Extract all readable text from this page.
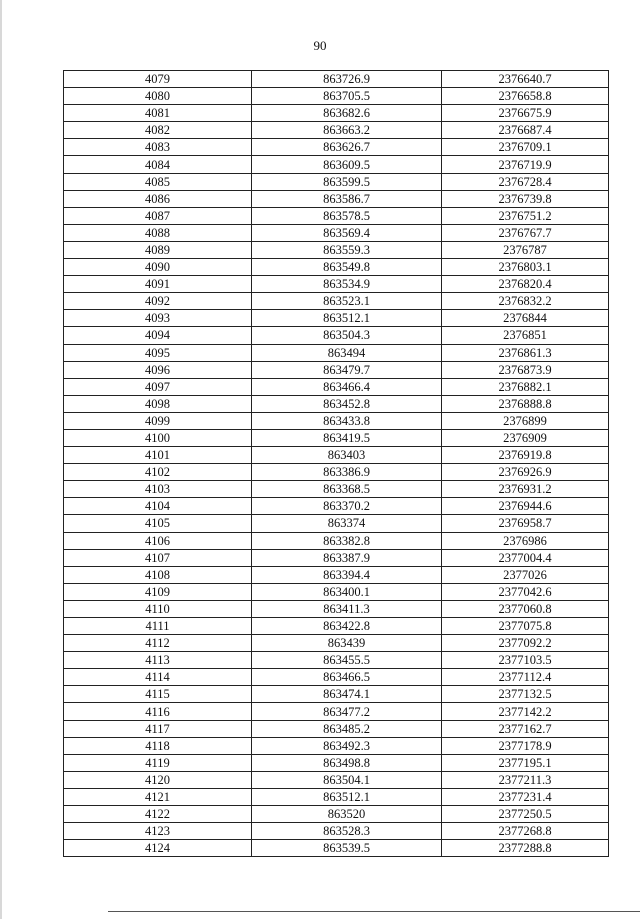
90
4079	863726.9	2376640.7
4080	863705.5	2376658.8
4081	863682.6	2376675.9
4082	863663.2	2376687.4
4083	863626.7	2376709.1
4084	863609.5	2376719.9
4085	863599.5	2376728.4
4086	863586.7	2376739.8
4087	863578.5	2376751.2
4088	863569.4	2376767.7
4089	863559.3	2376787
4090	863549.8	2376803.1
4091	863534.9	2376820.4
4092	863523.1	2376832.2
4093	863512.1	2376844
4094	863504.3	2376851
4095	863494	2376861.3
4096	863479.7	2376873.9
4097	863466.4	2376882.1
4098	863452.8	2376888.8
4099	863433.8	2376899
4100	863419.5	2376909
4101	863403	2376919.8
4102	863386.9	2376926.9
4103	863368.5	2376931.2
4104	863370.2	2376944.6
4105	863374	2376958.7
4106	863382.8	2376986
4107	863387.9	2377004.4
4108	863394.4	2377026
4109	863400.1	2377042.6
4110	863411.3	2377060.8
4111	863422.8	2377075.8
4112	863439	2377092.2
4113	863455.5	2377103.5
4114	863466.5	2377112.4
4115	863474.1	2377132.5
4116	863477.2	2377142.2
4117	863485.2	2377162.7
4118	863492.3	2377178.9
4119	863498.8	2377195.1
4120	863504.1	2377211.3
4121	863512.1	2377231.4
4122	863520	2377250.5
4123	863528.3	2377268.8
4124	863539.5	2377288.8
